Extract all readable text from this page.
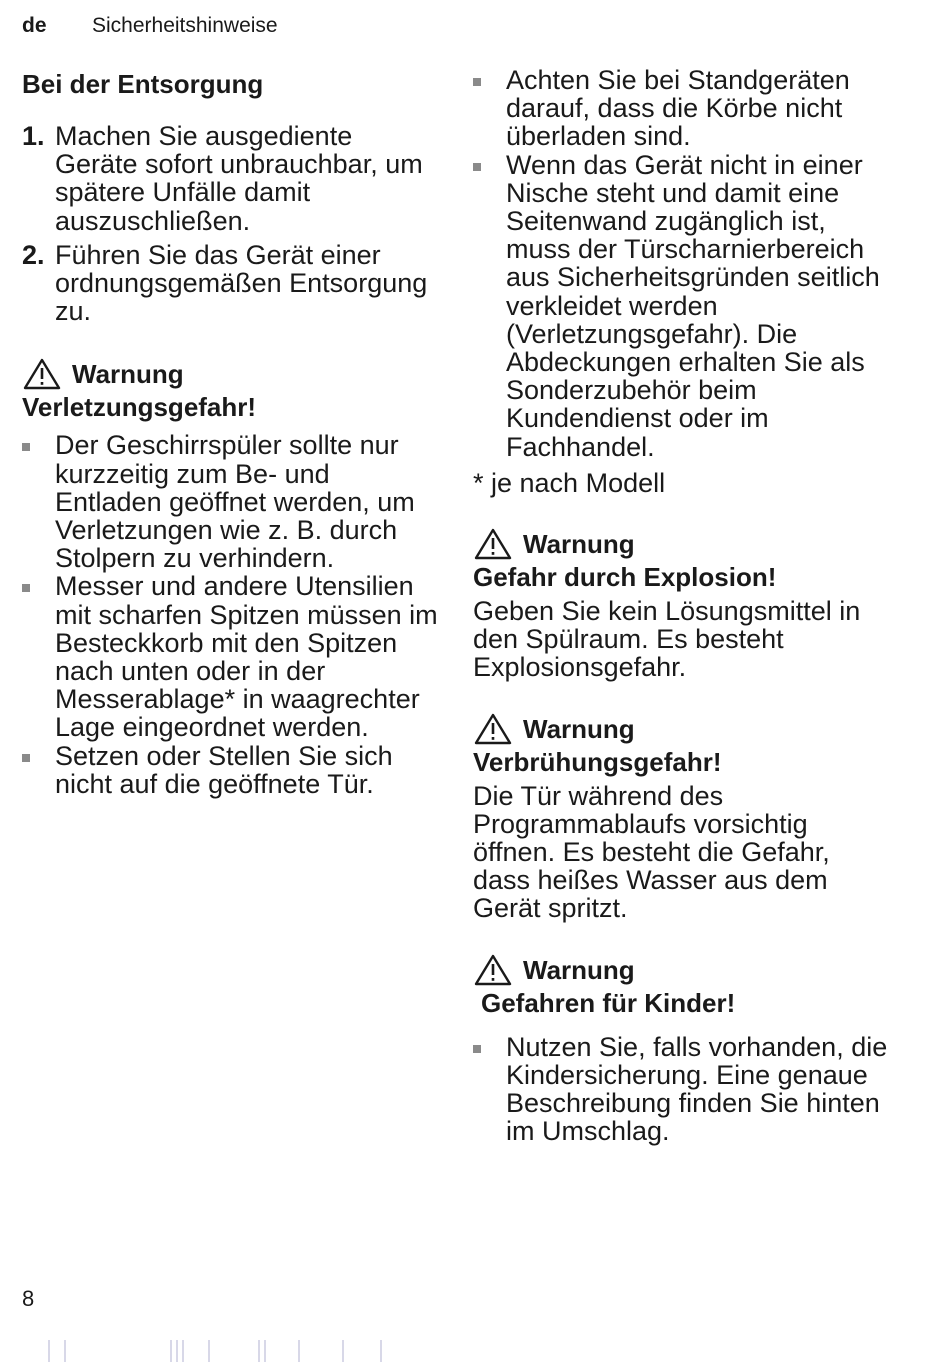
de Sicherheitshinweise
Bei der Entsorgung
1. Machen Sie ausgediente Geräte sofort unbrauchbar, um spätere Unfälle damit auszuschließen.
2. Führen Sie das Gerät einer ordnungsgemäßen Entsorgung zu.
Warnung
Verletzungsgefahr!
Der Geschirrspüler sollte nur kurzzeitig zum Be- und Entladen geöffnet werden, um Verletzungen wie z. B. durch Stolpern zu verhindern.
Messer und andere Utensilien mit scharfen Spitzen müssen im Besteckkorb mit den Spitzen nach unten oder in der Messerablage* in waagrechter Lage eingeordnet werden.
Setzen oder Stellen Sie sich nicht auf die geöffnete Tür.
Achten Sie bei Standgeräten darauf, dass die Körbe nicht überladen sind.
Wenn das Gerät nicht in einer Nische steht und damit eine Seitenwand zugänglich ist, muss der Türscharnierbereich aus Sicherheitsgründen seitlich verkleidet werden (Verletzungsgefahr). Die Abdeckungen erhalten Sie als Sonderzubehör beim Kundendienst oder im Fachhandel.
* je nach Modell
Warnung
Gefahr durch Explosion!
Geben Sie kein Lösungsmittel in den Spülraum. Es besteht Explosionsgefahr.
Warnung
Verbrühungsgefahr!
Die Tür während des Programmablaufs vorsichtig öffnen. Es besteht die Gefahr, dass heißes Wasser aus dem Gerät spritzt.
Warnung
Gefahren für Kinder!
Nutzen Sie, falls vorhanden, die Kindersicherung. Eine genaue Beschreibung finden Sie hinten im Umschlag.
8
